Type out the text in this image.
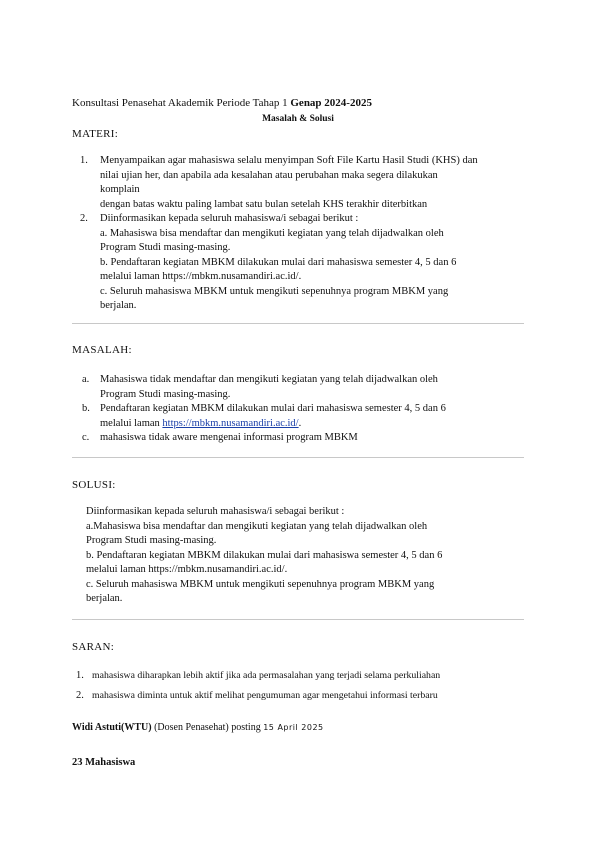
Konsultasi Penasehat Akademik Periode Tahap 1 Genap 2024-2025
Masalah & Solusi
MATERI:
1. Menyampaikan agar mahasiswa selalu menyimpan Soft File Kartu Hasil Studi (KHS) dan
nilai ujian her, dan apabila ada kesalahan atau perubahan maka segera dilakukan
komplain
dengan batas waktu paling lambat satu bulan setelah KHS terakhir diterbitkan
2. Diinformasikan kepada seluruh mahasiswa/i sebagai berikut :
a. Mahasiswa bisa mendaftar dan mengikuti kegiatan yang telah dijadwalkan oleh
Program Studi masing-masing.
b. Pendaftaran kegiatan MBKM dilakukan mulai dari mahasiswa semester 4, 5 dan 6
melalui laman https://mbkm.nusamandiri.ac.id/.
c. Seluruh mahasiswa MBKM untuk mengikuti sepenuhnya program MBKM yang
berjalan.
MASALAH:
a. Mahasiswa tidak mendaftar dan mengikuti kegiatan yang telah dijadwalkan oleh
Program Studi masing-masing.
b. Pendaftaran kegiatan MBKM dilakukan mulai dari mahasiswa semester 4, 5 dan 6
melalui laman https://mbkm.nusamandiri.ac.id/.
c. mahasiswa tidak aware mengenai informasi program MBKM
SOLUSI:
Diinformasikan kepada seluruh mahasiswa/i sebagai berikut :
a.Mahasiswa bisa mendaftar dan mengikuti kegiatan yang telah dijadwalkan oleh
Program Studi masing-masing.
b. Pendaftaran kegiatan MBKM dilakukan mulai dari mahasiswa semester 4, 5 dan 6
melalui laman https://mbkm.nusamandiri.ac.id/.
c. Seluruh mahasiswa MBKM untuk mengikuti sepenuhnya program MBKM yang
berjalan.
SARAN:
1. mahasiswa diharapkan lebih aktif jika ada permasalahan yang terjadi selama perkuliahan
2. mahasiswa diminta untuk aktif melihat pengumuman agar mengetahui informasi terbaru
Widi Astuti(WTU) (Dosen Penasehat) posting 15 April 2025
23 Mahasiswa
